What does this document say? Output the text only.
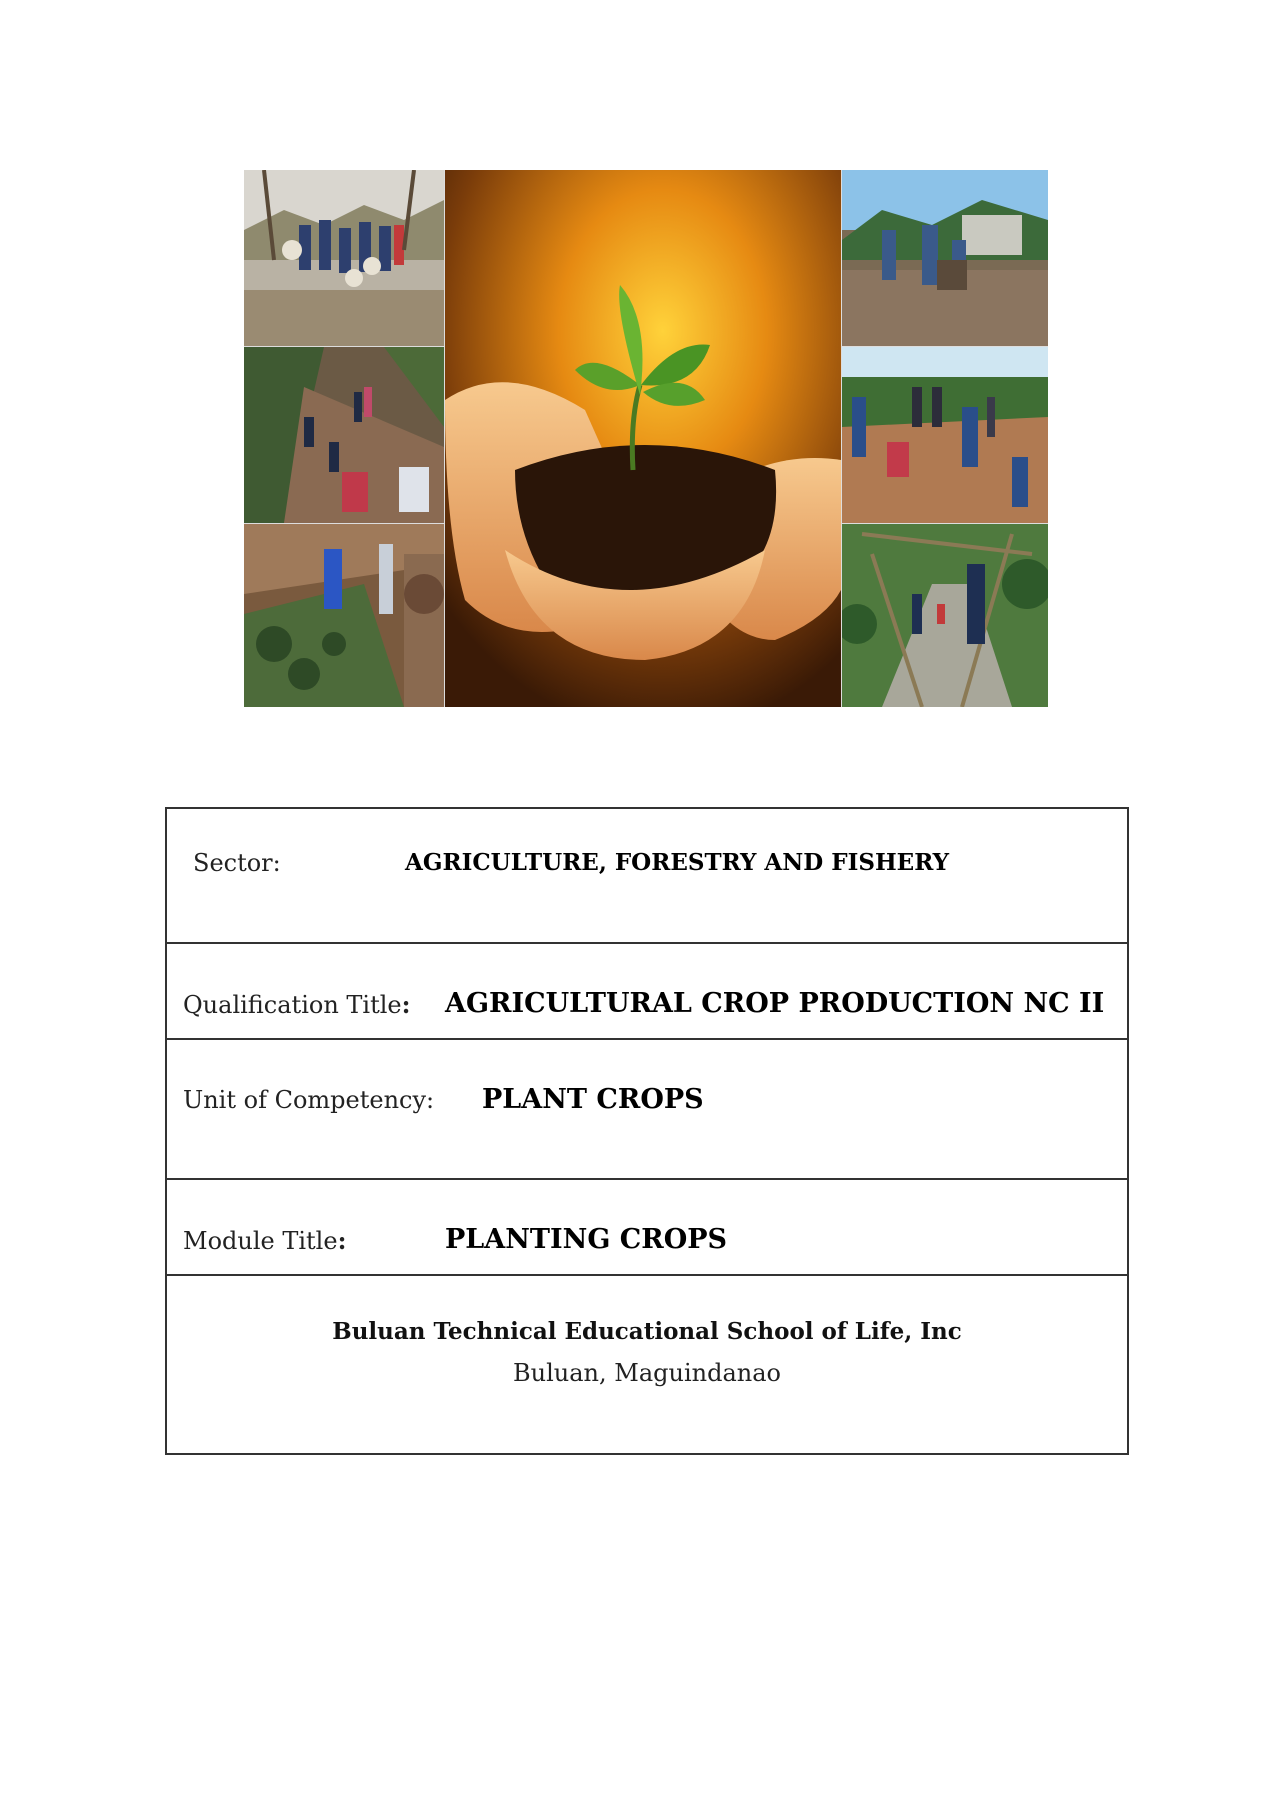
Sector:	AGRICULTURE, FORESTRY AND FISHERY
Qualification Title: AGRICULTURAL CROP PRODUCTION NC II
Unit of Competency: PLANT CROPS
Module Title:	PLANTING CROPS
Buluan Technical Educational School of Life, Inc
Buluan, Maguindanao
